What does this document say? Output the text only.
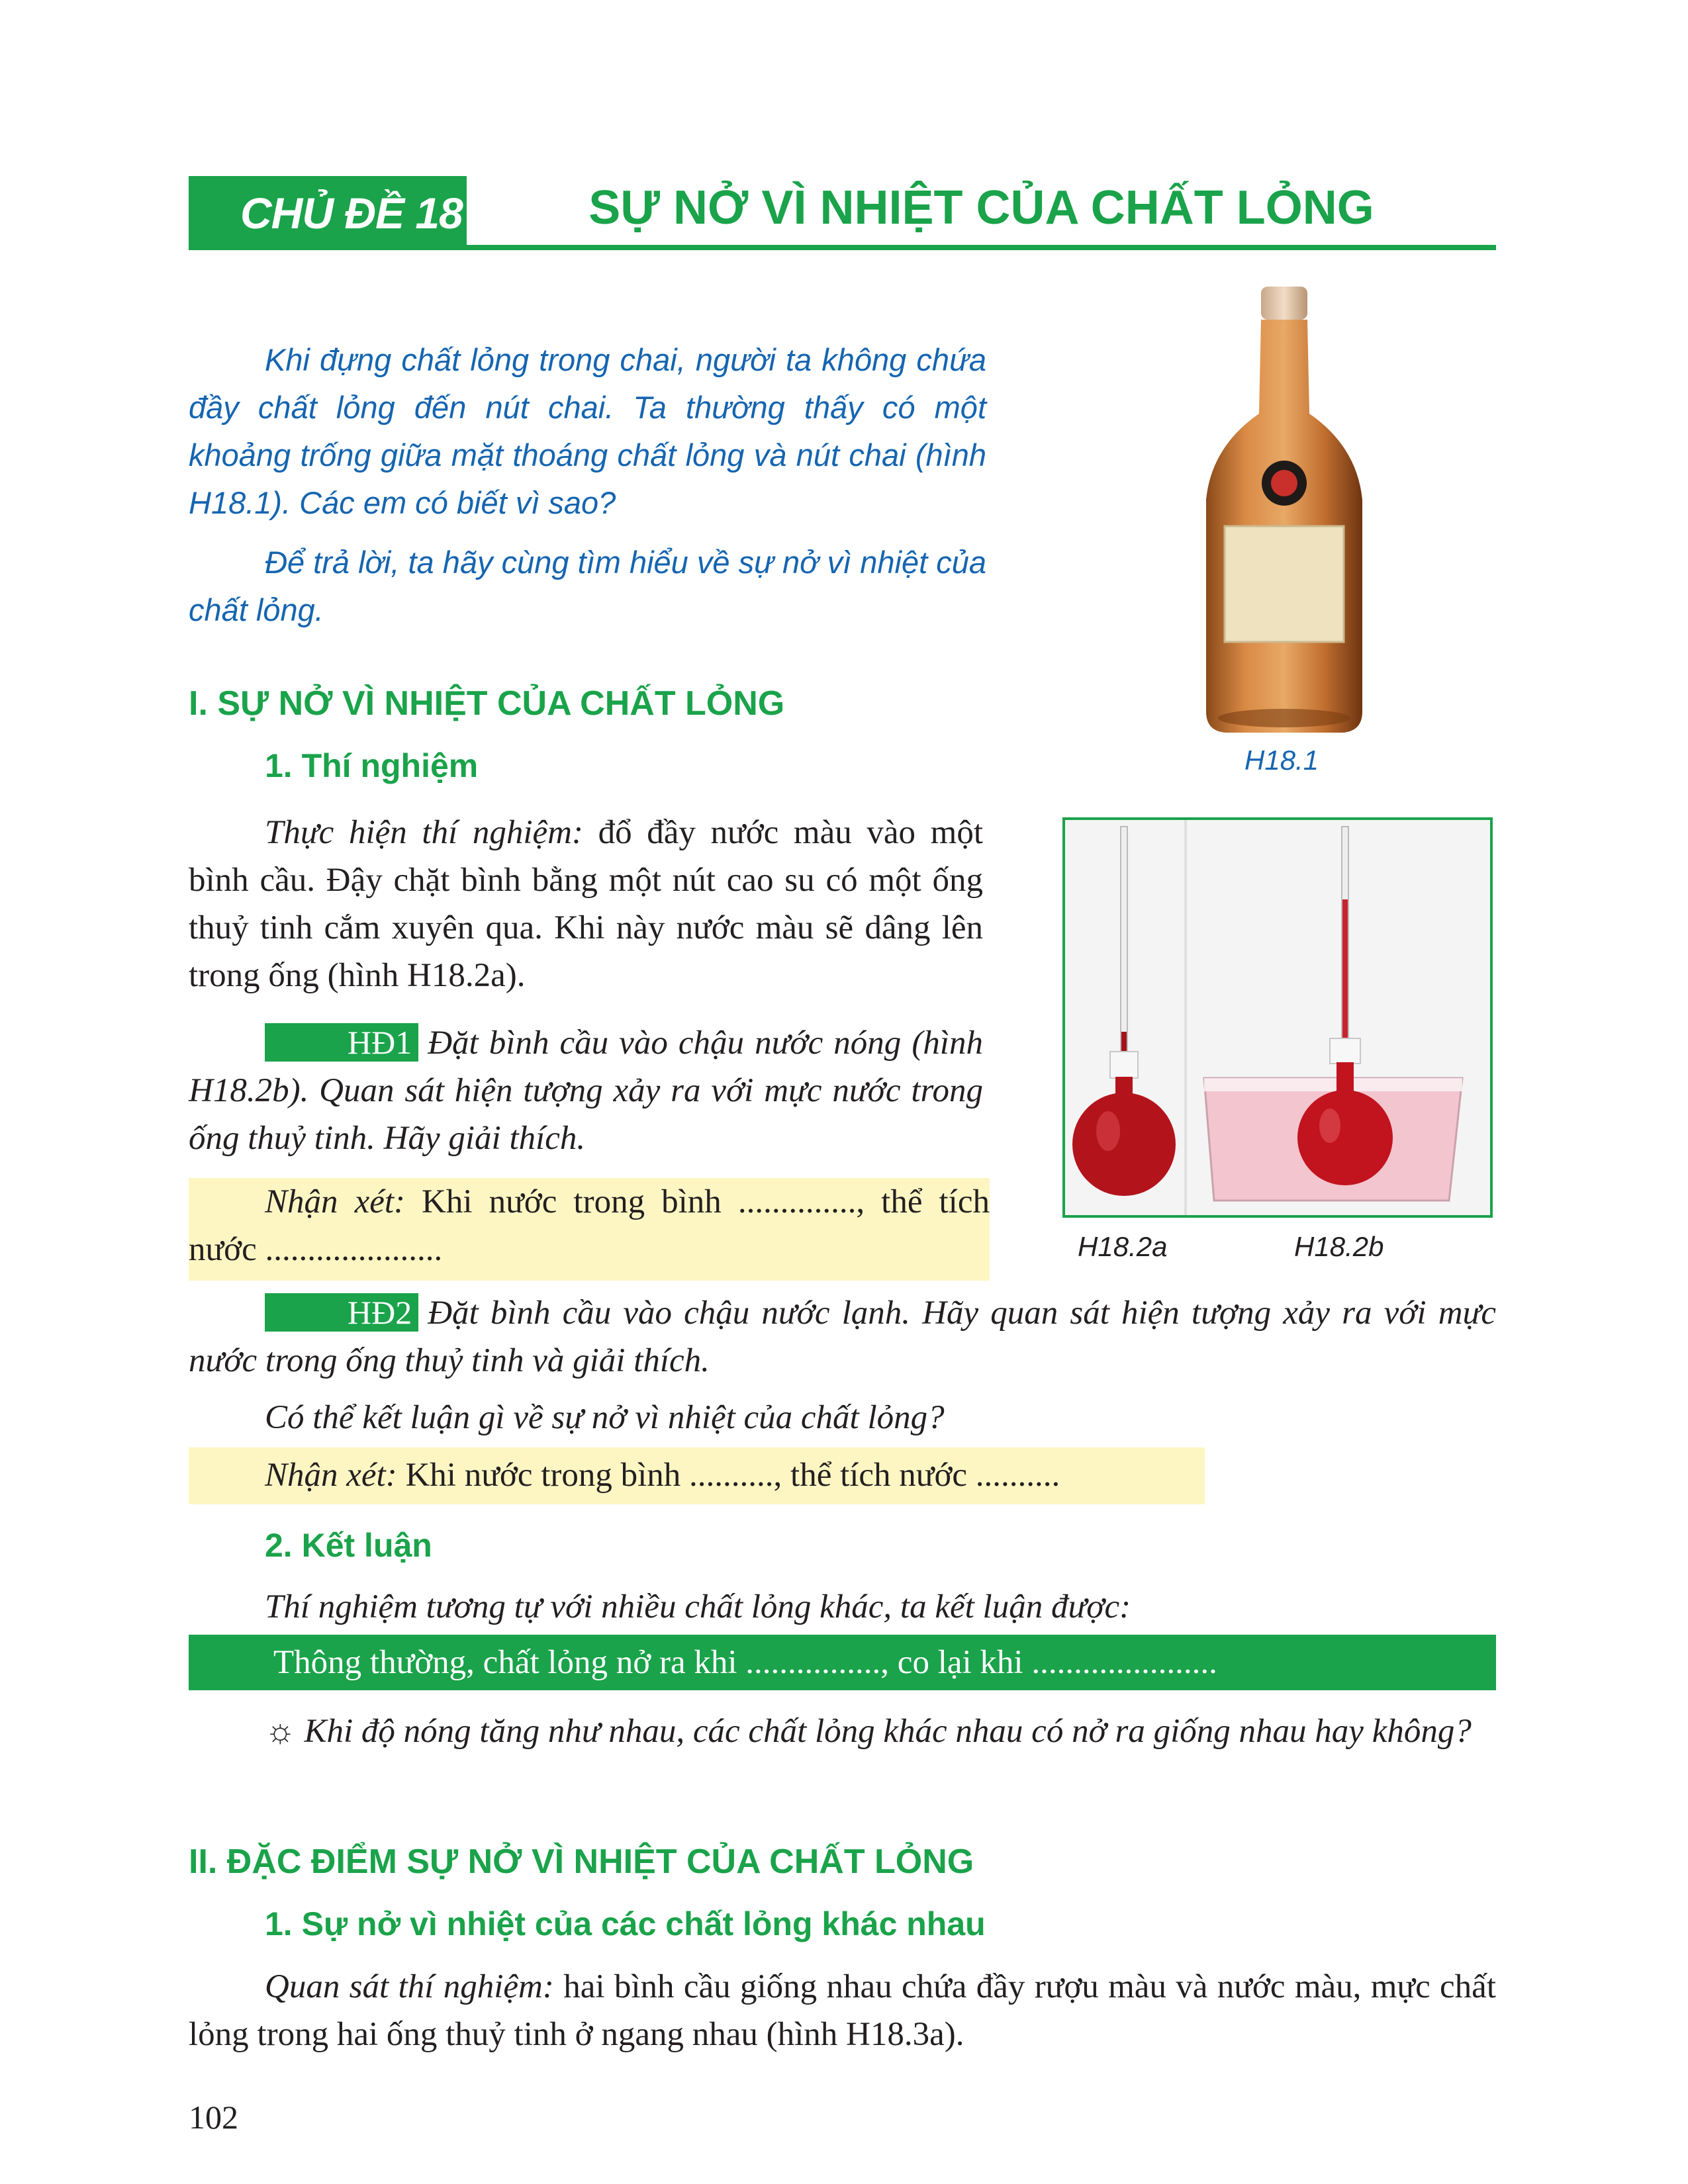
CHỦ ĐỀ 18	SỰ NỞ VÌ NHIỆT CỦA CHẤT LỎNG

Khi đựng chất lỏng trong chai, người ta không chứa đầy chất lỏng đến nút chai. Ta thường thấy có một khoảng trống giữa mặt thoáng chất lỏng và nút chai (hình H18.1). Các em có biết vì sao?

Để trả lời, ta hãy cùng tìm hiểu về sự nở vì nhiệt của chất lỏng.

H18.1
I. SỰ NỞ VÌ NHIỆT CỦA CHẤT LỎNG
1. Thí nghiệm

Thực hiện thí nghiệm: đổ đầy nước màu vào một bình cầu. Đậy chặt bình bằng một nút cao su có một ống thuỷ tinh cắm xuyên qua. Khi này nước màu sẽ dâng lên trong ống (hình H18.2a).

HĐ1 Đặt bình cầu vào chậu nước nóng (hình H18.2b). Quan sát hiện tượng xảy ra với mực nước trong ống thuỷ tinh. Hãy giải thích.

Nhận xét: Khi nước trong bình .............., thể tích nước .....................	H18.2a	H18.2b

HĐ2 Đặt bình cầu vào chậu nước lạnh. Hãy quan sát hiện tượng xảy ra với mực nước trong ống thuỷ tinh và giải thích.

Có thể kết luận gì về sự nở vì nhiệt của chất lỏng?

Nhận xét: Khi nước trong bình .........., thể tích nước ..........

2. Kết luận
Thí nghiệm tương tự với nhiều chất lỏng khác, ta kết luận được:
Thông thường, chất lỏng nở ra khi ................, co lại khi ......................

☼ Khi độ nóng tăng như nhau, các chất lỏng khác nhau có nở ra giống nhau hay không?

II. ĐẶC ĐIỂM SỰ NỞ VÌ NHIỆT CỦA CHẤT LỎNG
1. Sự nở vì nhiệt của các chất lỏng khác nhau

Quan sát thí nghiệm: hai bình cầu giống nhau chứa đầy rượu màu và nước màu, mực chất lỏng trong hai ống thuỷ tinh ở ngang nhau (hình H18.3a).

102
